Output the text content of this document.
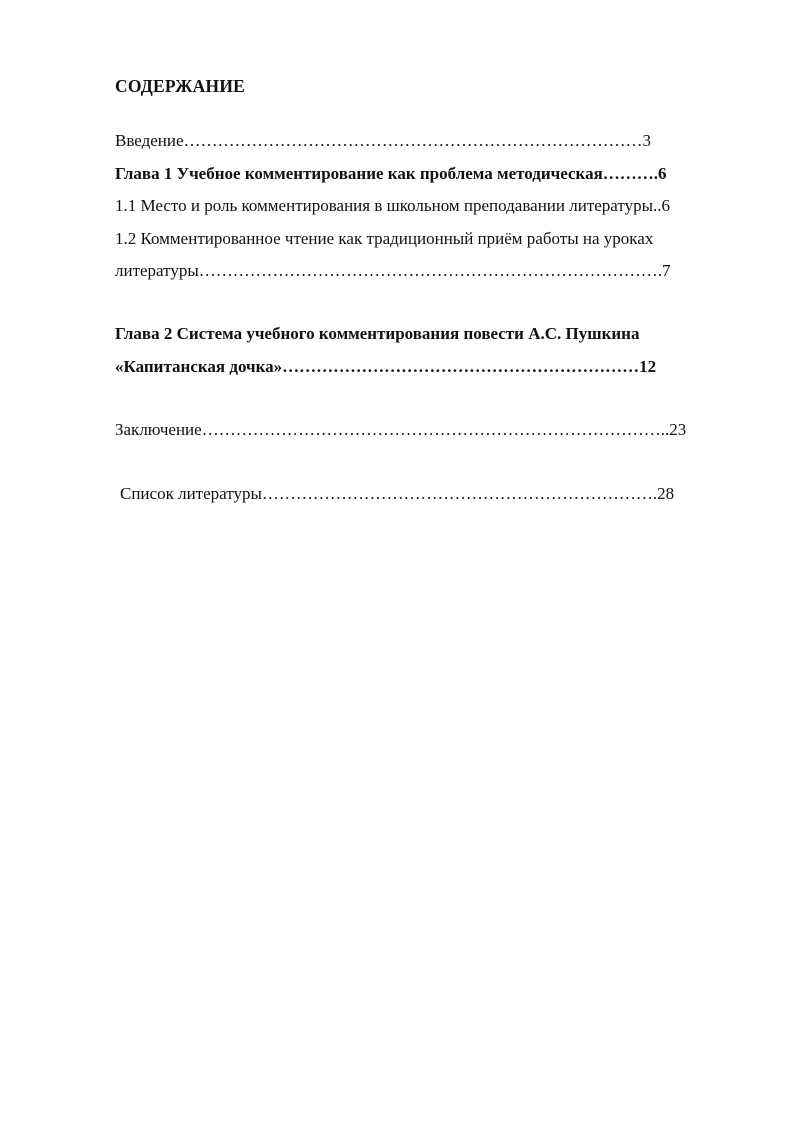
СОДЕРЖАНИЕ
Введение………………………………………………………………………3
Глава 1 Учебное комментирование как проблема методическая……….6
1.1 Место и роль комментирования в школьном преподавании литературы..6
1.2 Комментированное чтение как традиционный приём работы на уроках
литературы……………………………………………………………………….7
Глава 2 Система учебного комментирования повести А.С. Пушкина
«Капитанская дочка»………………………………………………………12
Заключение………………………………………………………………………..23
Список литературы…………………………………………………………….28
